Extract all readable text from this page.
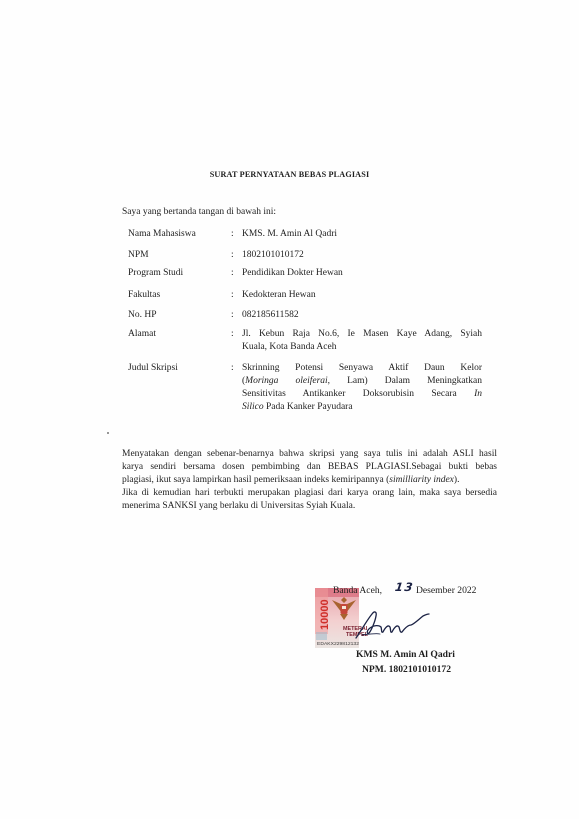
SURAT PERNYATAAN BEBAS PLAGIASI
Saya yang bertanda tangan di bawah ini:
Nama Mahasiswa	: KMS. M. Amin Al Qadri
NPM	: 1802101010172
Program Studi	: Pendidikan Dokter Hewan
Fakultas	: Kedokteran Hewan
No. HP	: 082185611582
Alamat	: Jl. Kebun Raja No.6, Ie Masen Kaye Adang, Syiah
Kuala, Kota Banda Aceh
Judul Skripsi	: Skrinning Potensi Senyawa Aktif Daun Kelor
(Moringa oleiferai, Lam) Dalam Meningkatkan
Sensitivitas Antikanker Doksorubisin Secara In
Silico Pada Kanker Payudara
Menyatakan dengan sebenar-benarnya bahwa skripsi yang saya tulis ini adalah ASLI hasil
karya sendiri bersama dosen pembimbing dan BEBAS PLAGIASI.Sebagai bukti bebas
plagiasi, ikut saya lampirkan hasil pemeriksaan indeks kemiripannya (similliarity index).
Jika di kemudian hari terbukti merupakan plagiasi dari karya orang lain, maka saya bersedia
menerima SANKSI yang berlaku di Universitas Syiah Kuala.
10000 METERAI
TEMPEL
EDAKX229812132
Banda Aceh, 13 Desember 2022
KMS M. Amin Al Qadri
NPM. 1802101010172
